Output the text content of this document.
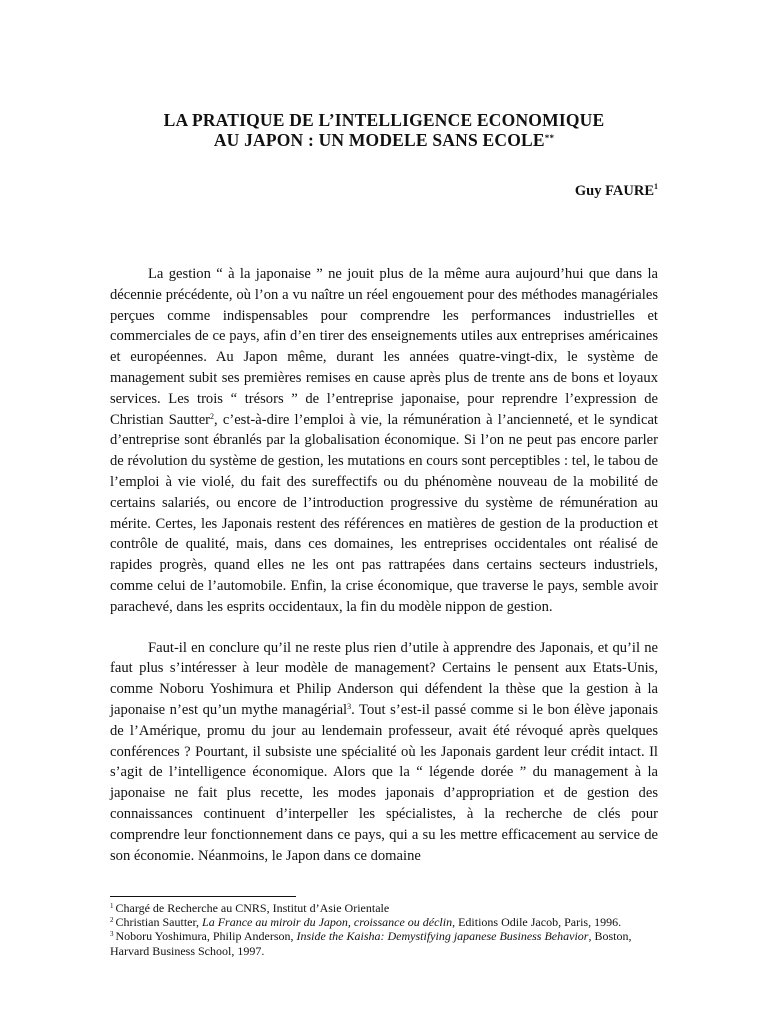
LA PRATIQUE DE L’INTELLIGENCE ECONOMIQUE
AU JAPON : UN MODELE SANS ECOLE**
Guy FAURE$^1$

La gestion “ à la japonaise ” ne jouit plus de la même aura aujourd’hui que dans la décennie précédente, où l’on a vu naître un réel engouement pour des méthodes managériales perçues comme indispensables pour comprendre les performances industrielles et commerciales de ce pays, afin d’en tirer des enseignements utiles aux entreprises américaines et européennes. Au Japon même, durant les années quatre-vingt-dix, le système de management subit ses premières remises en cause après plus de trente ans de bons et loyaux services. Les trois “ trésors ” de l’entreprise japonaise, pour reprendre l’expression de Christian Sautter$^2$, c’est-à-dire l’emploi à vie, la rémunération à l’ancienneté, et le syndicat d’entreprise sont ébranlés par la globalisation économique. Si l’on ne peut pas encore parler de révolution du système de gestion, les mutations en cours sont perceptibles : tel, le tabou de l’emploi à vie violé, du fait des sureffectifs ou du phénomène nouveau de la mobilité de certains salariés, ou encore de l’introduction progressive du système de rémunération au mérite. Certes, les Japonais restent des références en matières de gestion de la production et contrôle de qualité, mais, dans ces domaines, les entreprises occidentales ont réalisé de rapides progrès, quand elles ne les ont pas rattrapées dans certains secteurs industriels, comme celui de l’automobile. Enfin, la crise économique, que traverse le pays, semble avoir parachevé, dans les esprits occidentaux, la fin du modèle nippon de gestion.

Faut-il en conclure qu’il ne reste plus rien d’utile à apprendre des Japonais, et qu’il ne faut plus s’intéresser à leur modèle de management? Certains le pensent aux Etats-Unis, comme Noboru Yoshimura et Philip Anderson qui défendent la thèse que la gestion à la japonaise n’est qu’un mythe managérial$^3$. Tout s’est-il passé comme si le bon élève japonais de l’Amérique, promu du jour au lendemain professeur, avait été révoqué après quelques conférences ? Pourtant, il subsiste une spécialité où les Japonais gardent leur crédit intact. Il s’agit de l’intelligence économique. Alors que la “ légende dorée ” du management à la japonaise ne fait plus recette, les modes japonais d’appropriation et de gestion des connaissances continuent d’interpeller les spécialistes, à la recherche de clés pour comprendre leur fonctionnement dans ce pays, qui a su les mettre efficacement au service de son économie. Néanmoins, le Japon dans ce domaine

$^1$ Chargé de Recherche au CNRS, Institut d’Asie Orientale

$^2$ Christian Sautter, La France au miroir du Japon, croissance ou déclin, Editions Odile Jacob, Paris, 1996.

$^3$ Noboru Yoshimura, Philip Anderson, Inside the Kaisha: Demystifying japanese Business Behavior, Boston, Harvard Business School, 1997.
